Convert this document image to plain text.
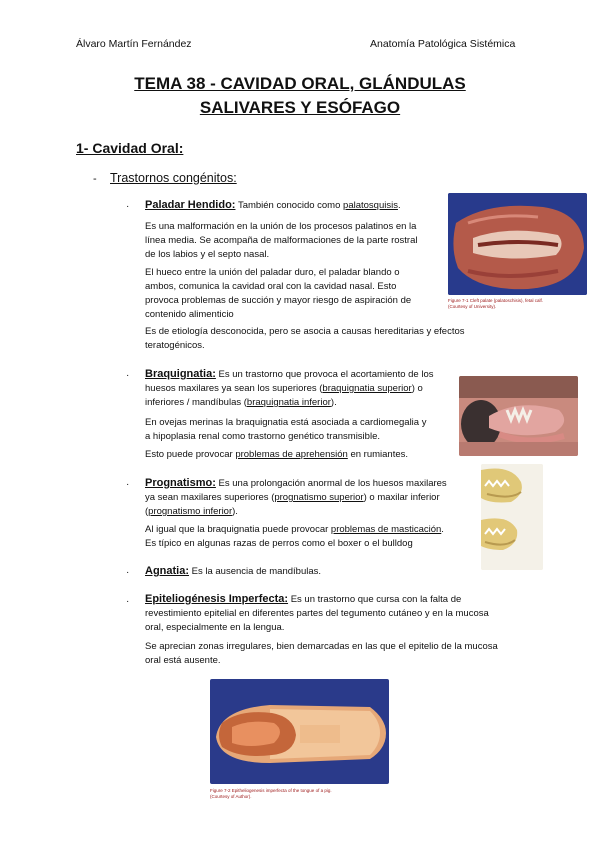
Álvaro Martín Fernández	Anatomía Patológica Sistémica
TEMA 38 - CAVIDAD ORAL, GLÁNDULAS
SALIVARES Y ESÓFAGO
1- Cavidad Oral:
- Trastornos congénitos:
· Paladar Hendido: También conocido como palatosquisis.
Es una malformación en la unión de los procesos palatinos en la
línea media. Se acompaña de malformaciones de la parte rostral
de los labios y el septo nasal.
El hueco entre la unión del paladar duro, el paladar blando o
ambos, comunica la cavidad oral con la cavidad nasal. Esto
provoca problemas de succión y mayor riesgo de aspiración de
contenido alimenticio
Es de etiología desconocida, pero se asocia a causas hereditarias y efectos
teratogénicos.
Figure 7-1 Cleft palate (palatoschisis), fetal calf.
(Courtesy of University).
· Braquignatia: Es un trastorno que provoca el acortamiento de los
huesos maxilares ya sean los superiores (braquignatia superior) o
inferiores / mandíbulas (braquignatia inferior).
En ovejas merinas la braquignatia está asociada a cardiomegalia y
a hipoplasia renal como trastorno genético transmisible.
Esto puede provocar problemas de aprehensión en rumiantes.
· Prognatismo: Es una prolongación anormal de los huesos maxilares
ya sean maxilares superiores (prognatismo superior) o maxilar inferior
(prognatismo inferior).
Al igual que la braquignatia puede provocar problemas de masticación.
Es típico en algunas razas de perros como el boxer o el bulldog
· Agnatia: Es la ausencia de mandíbulas.
· Epiteliogénesis Imperfecta: Es un trastorno que cursa con la falta de
revestimiento epitelial en diferentes partes del tegumento cutáneo y en la mucosa
oral, especialmente en la lengua.
Se aprecian zonas irregulares, bien demarcadas en las que el epitelio de la mucosa
oral está ausente.
Figure 7-2 Epitheliogenesis imperfecta of the tongue of a pig.
(Courtesy of Author).
